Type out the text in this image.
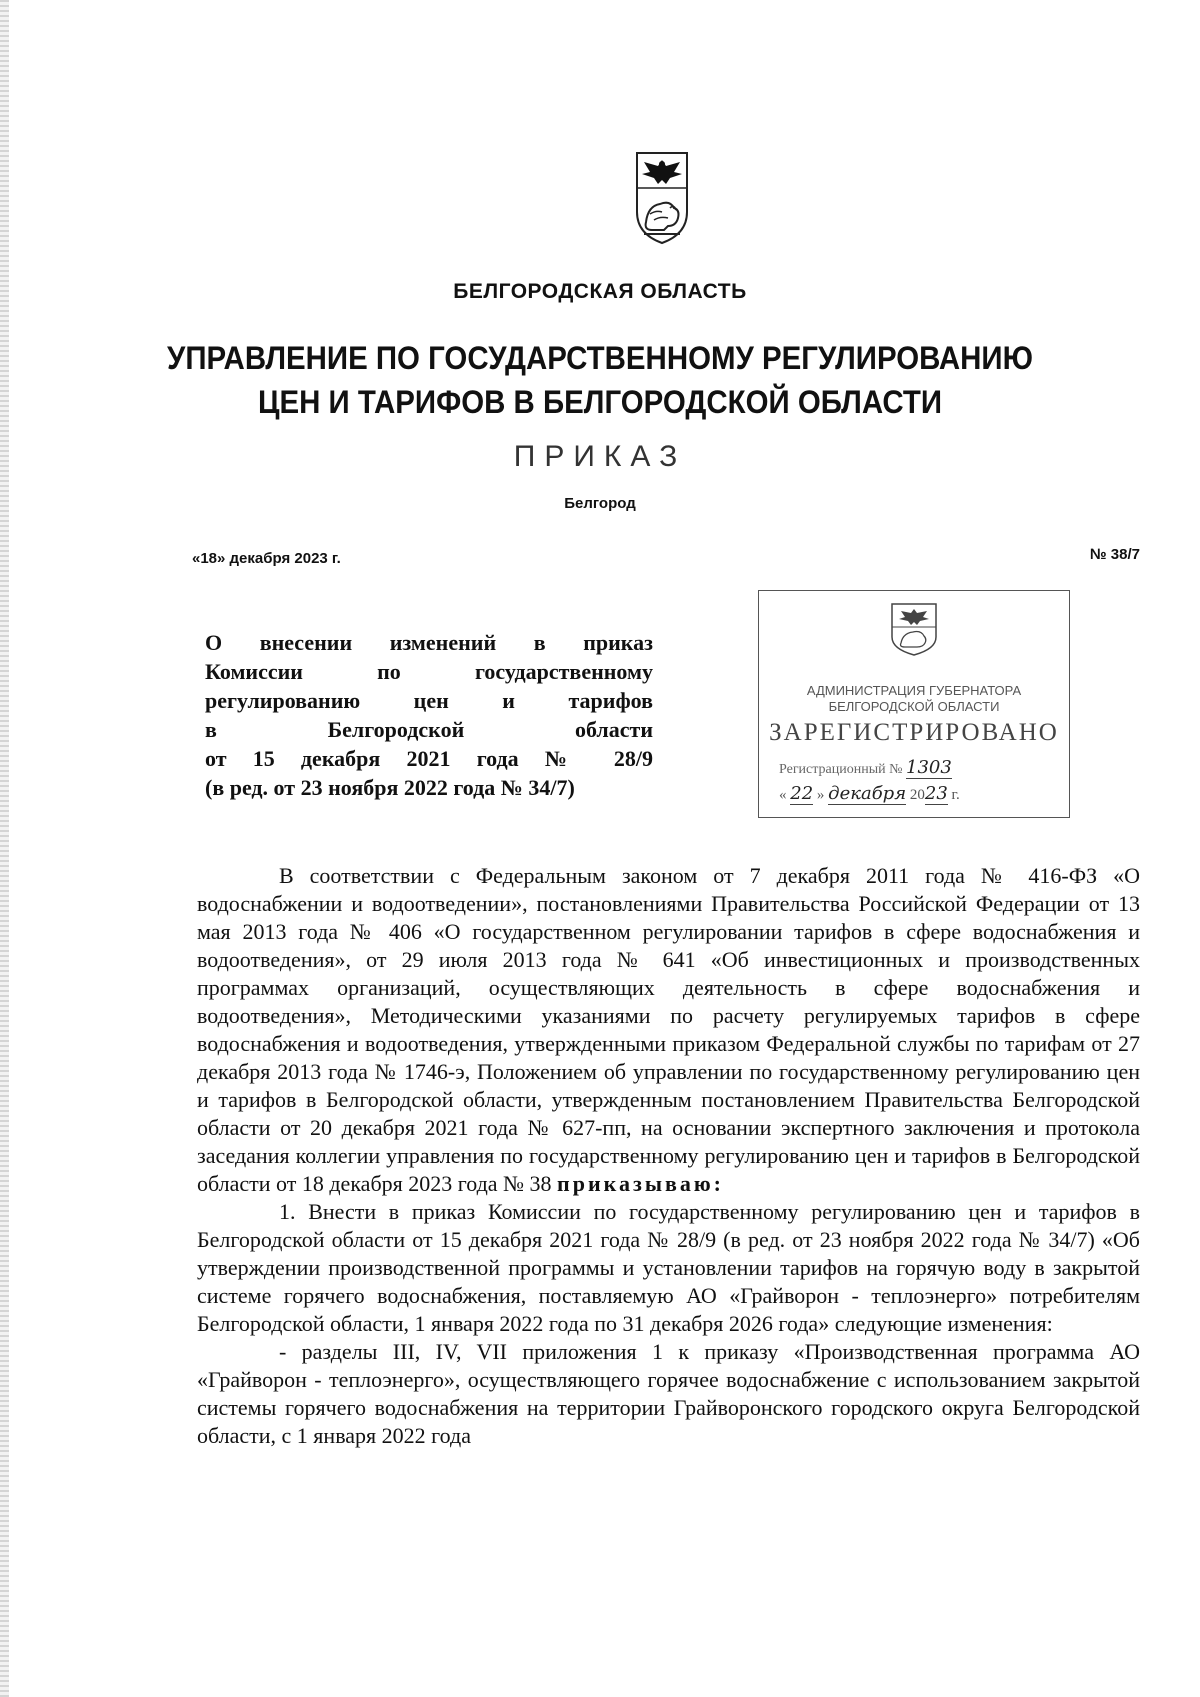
БЕЛГОРОДСКАЯ ОБЛАСТЬ
УПРАВЛЕНИЕ ПО ГОСУДАРСТВЕННОМУ РЕГУЛИРОВАНИЮ
ЦЕН И ТАРИФОВ В БЕЛГОРОДСКОЙ ОБЛАСТИ
ПРИКАЗ
Белгород
«18» декабря 2023 г.	№ 38/7
О внесении изменений в приказ
Комиссии по государственному
регулированию цен и тарифов
в Белгородской области
от 15 декабря 2021 года № 28/9
(в ред. от 23 ноября 2022 года № 34/7)
АДМИНИСТРАЦИЯ ГУБЕРНАТОРА
БЕЛГОРОДСКОЙ ОБЛАСТИ
ЗАРЕГИСТРИРОВАНО
Регистрационный № 1303
« 22 » декабря 2023 г.

В соответствии с Федеральным законом от 7 декабря 2011 года № 416-ФЗ «О водоснабжении и водоотведении», постановлениями Правительства Российской Федерации от 13 мая 2013 года № 406 «О государственном регулировании тарифов в сфере водоснабжения и водоотведения», от 29 июля 2013 года № 641 «Об инвестиционных и производственных программах организаций, осуществляющих деятельность в сфере водоснабжения и водоотведения», Методическими указаниями по расчету регулируемых тарифов в сфере водоснабжения и водоотведения, утвержденными приказом Федеральной службы по тарифам от 27 декабря 2013 года № 1746-э, Положением об управлении по государственному регулированию цен и тарифов в Белгородской области, утвержденным постановлением Правительства Белгородской области от 20 декабря 2021 года № 627-пп, на основании экспертного заключения и протокола заседания коллегии управления по государственному регулированию цен и тарифов в Белгородской области от 18 декабря 2023 года № 38 приказываю:

1. Внести в приказ Комиссии по государственному регулированию цен и тарифов в Белгородской области от 15 декабря 2021 года № 28/9 (в ред. от 23 ноября 2022 года № 34/7) «Об утверждении производственной программы и установлении тарифов на горячую воду в закрытой системе горячего водоснабжения, поставляемую АО «Грайворон - теплоэнерго» потребителям Белгородской области, 1 января 2022 года по 31 декабря 2026 года» следующие изменения:

- разделы III, IV, VII приложения 1 к приказу «Производственная программа АО «Грайворон - теплоэнерго», осуществляющего горячее водоснабжение с использованием закрытой системы горячего водоснабжения на территории Грайворонского городского округа Белгородской области, с 1 января 2022 года
